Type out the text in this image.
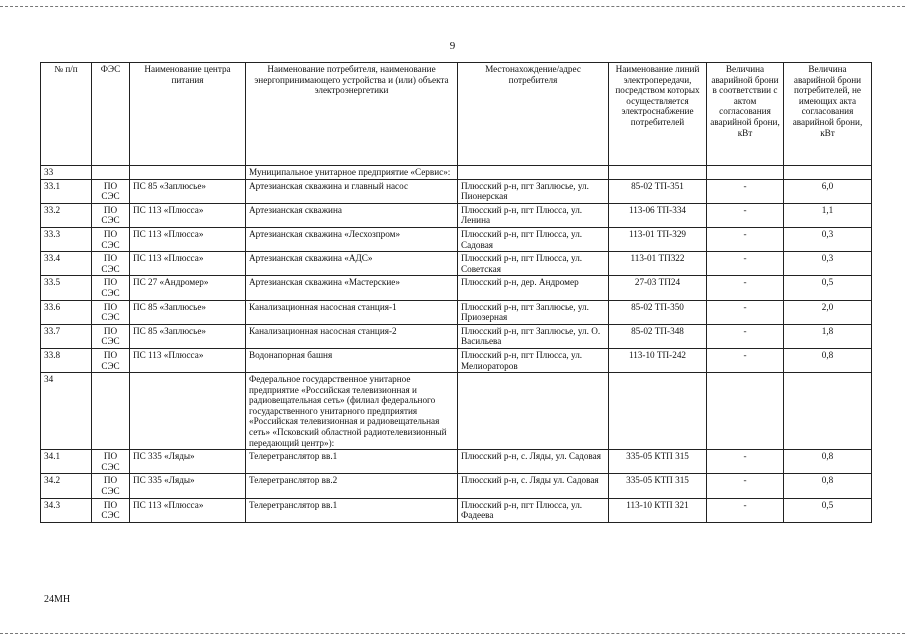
9
№ п/п	ФЭС	Наименование центра питания	Наименование потребителя, наименование энергопринимающего устройства и (или) объекта электроэнергетики	Местонахождение/адрес потребителя	Наименование линий электропередачи, посредством которых осуществляется электроснабжение потребителей	Величина аварийной брони в соответствии с актом согласования аварийной брони, кВт	Величина аварийной брони потребителей, не имеющих акта согласования аварийной брони, кВт
33			Муниципальное унитарное предприятие «Сервис»:				
33.1	ПО СЭС	ПС 85 «Заплюсье»	Артезианская скважина и главный насос	Плюсский р-н, пгт Заплюсье, ул. Пионерская	85-02 ТП-351	-	6,0
33.2	ПО СЭС	ПС 113 «Плюсса»	Артезианская скважина	Плюсский р-н, пгт Плюсса, ул. Ленина	113-06 ТП-334	-	1,1
33.3	ПО СЭС	ПС 113 «Плюсса»	Артезианская скважина «Лесхозпром»	Плюсский р-н, пгт Плюсса, ул. Садовая	113-01 ТП-329	-	0,3
33.4	ПО СЭС	ПС 113 «Плюсса»	Артезианская скважина «АДС»	Плюсский р-н, пгт Плюсса, ул. Советская	113-01 ТП322	-	0,3
33.5	ПО СЭС	ПС 27 «Андромер»	Артезианская скважина «Мастерские»	Плюсский р-н, дер. Андромер	27-03 ТП24	-	0,5
33.6	ПО СЭС	ПС 85 «Заплюсье»	Канализационная насосная станция-1	Плюсский р-н, пгт Заплюсье, ул. Приозерная	85-02 ТП-350	-	2,0
33.7	ПО СЭС	ПС 85 «Заплюсье»	Канализационная насосная станция-2	Плюсский р-н, пгт Заплюсье, ул. О. Васильева	85-02 ТП-348	-	1,8
33.8	ПО СЭС	ПС 113 «Плюсса»	Водонапорная башня	Плюсский р-н, пгт Плюсса, ул. Мелиораторов	113-10 ТП-242	-	0,8
34			Федеральное государственное унитарное предприятие «Российская телевизионная и радиовещательная сеть» (филиал федерального государственного унитарного предприятия «Российская телевизионная и радиовещательная сеть» «Псковский областной радиотелевизионный передающий центр»):				
34.1	ПО СЭС	ПС 335 «Ляды»	Телеретранслятор вв.1	Плюсский р-н, с. Ляды, ул. Садовая	335-05 КТП 315	-	0,8
34.2	ПО СЭС	ПС 335 «Ляды»	Телеретранслятор вв.2	Плюсский р-н, с. Ляды ул. Садовая	335-05 КТП 315	-	0,8
34.3	ПО СЭС	ПС 113 «Плюсса»	Телеретранслятор вв.1	Плюсский р-н, пгт Плюсса, ул. Фадеева	113-10 КТП 321	-	0,5
24МН
